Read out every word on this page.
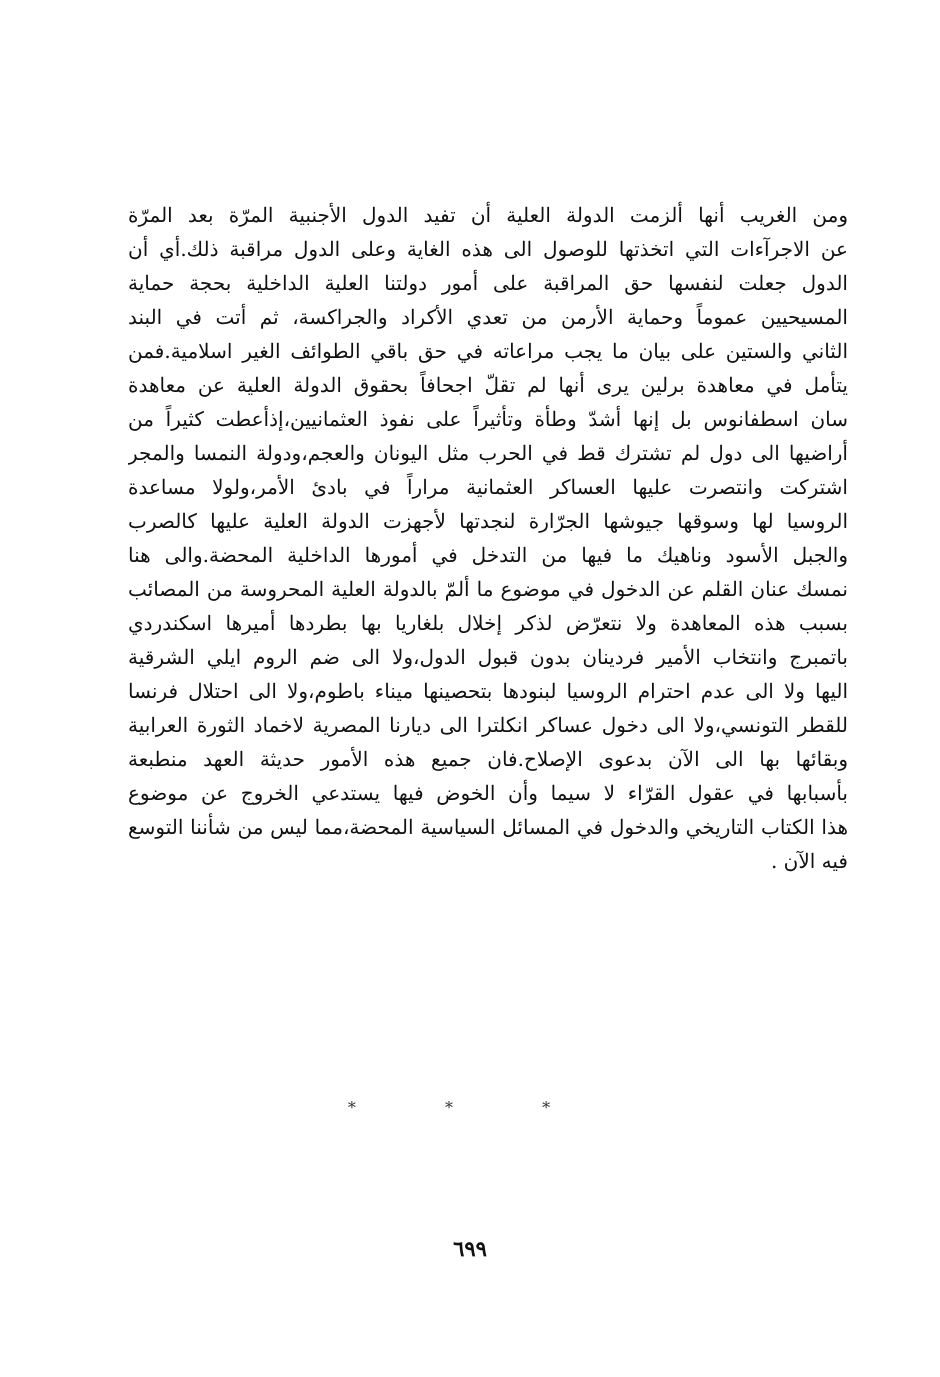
ومن الغريب أنها ألزمت الدولة العلية أن تفيد الدول الأجنبية المرّة بعد المرّة
عن الاجرآءات التي اتخذتها للوصول الى هذه الغاية وعلى الدول مراقبة ذلك.أي أن
الدول جعلت لنفسها حق المراقبة على أمور دولتنا العلية الداخلية بحجة حماية
المسيحيين عموماً وحماية الأرمن من تعدي الأكراد والجراكسة، ثم أتت في البند
الثاني والستين على بيان ما يجب مراعاته في حق باقي الطوائف الغير اسلامية.فمن
يتأمل في معاهدة برلين يرى أنها لم تقلّ اجحافاً بحقوق الدولة العلية عن معاهدة
سان اسطفانوس بل إنها أشدّ وطأة وتأثيراً على نفوذ العثمانيين،إذأعطت كثيراً من
أراضيها الى دول لم تشترك قط في الحرب مثل اليونان والعجم،ودولة النمسا والمجر
اشتركت وانتصرت عليها العساكر العثمانية مراراً في بادئ الأمر،ولولا مساعدة
الروسيا لها وسوقها جيوشها الجرّارة لنجدتها لأجهزت الدولة العلية عليها كالصرب
والجبل الأسود وناهيك ما فيها من التدخل في أمورها الداخلية المحضة.والى هنا
نمسك عنان القلم عن الدخول في موضوع ما ألمّ بالدولة العلية المحروسة من المصائب
بسبب هذه المعاهدة ولا نتعرّض لذكر إخلال بلغاريا بها بطردها أميرها اسكندردي
باتمبرج وانتخاب الأمير فردينان بدون قبول الدول،ولا الى ضم الروم ايلي الشرقية
اليها ولا الى عدم احترام الروسيا لبنودها بتحصينها ميناء باطوم،ولا الى احتلال فرنسا
للقطر التونسي،ولا الى دخول عساكر انكلترا الى ديارنا المصرية لاخماد الثورة العرابية
وبقائها بها الى الآن بدعوى الإصلاح.فان جميع هذه الأمور حديثة العهد منطبعة
بأسبابها في عقول القرّاء لا سيما وأن الخوض فيها يستدعي الخروج عن موضوع
هذا الكتاب التاريخي والدخول في المسائل السياسية المحضة،مما ليس من شأننا التوسع
فيه الآن .
* * *
٦٩٩
